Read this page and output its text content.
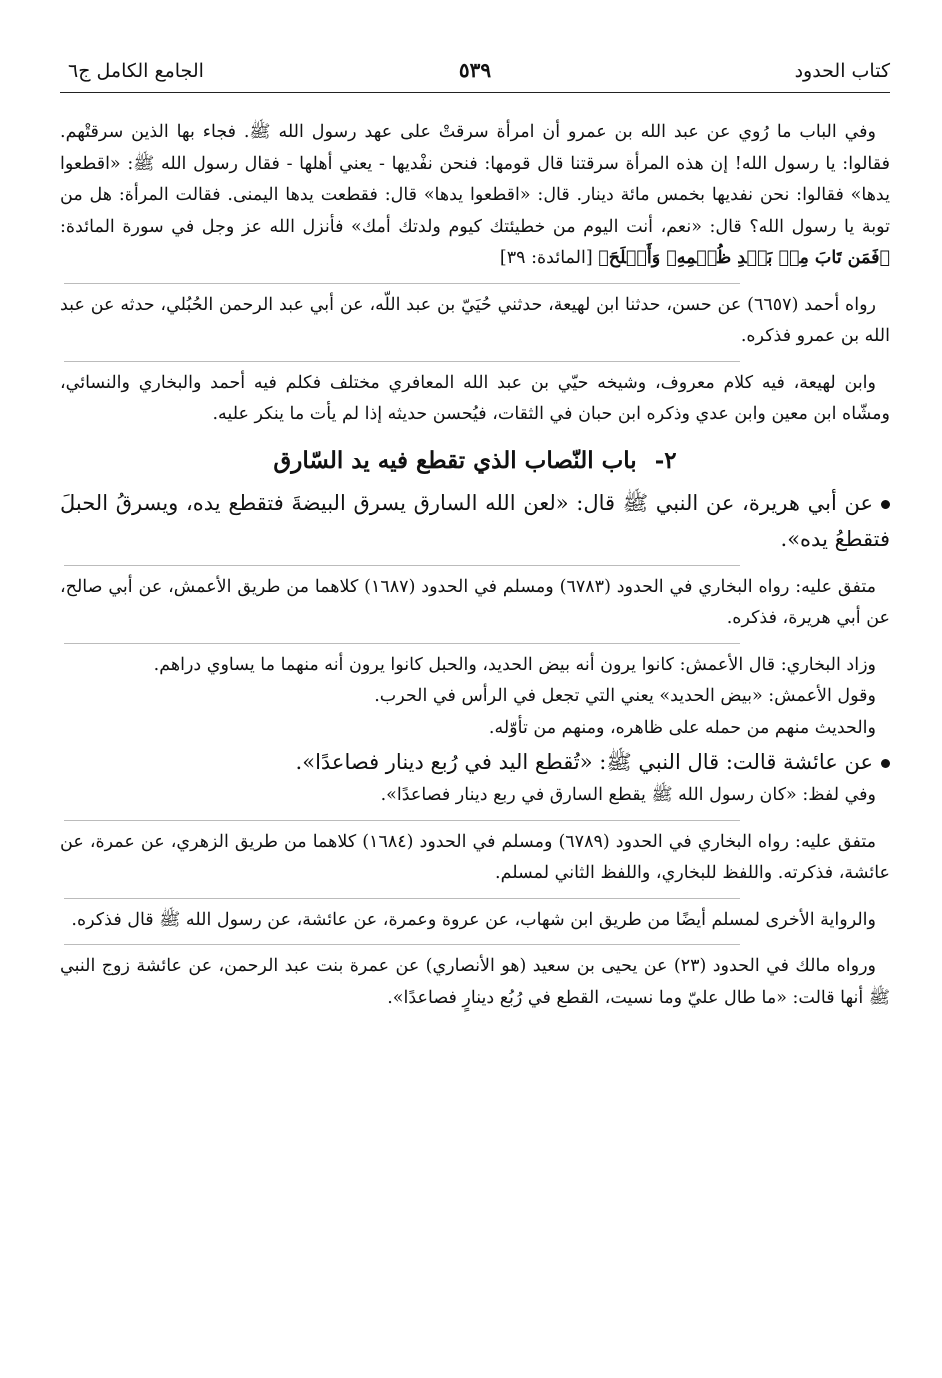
كتاب الحدود
٥٣٩
الجامع الكامل ج٦

وفي الباب ما رُوي عن عبد الله بن عمرو أن امرأة سرقتْ على عهد رسول الله ﷺ. فجاء بها الذين سرقتْهم. فقالوا: يا رسول الله! إن هذه المرأة سرقتنا قال قومها: فنحن نفْديها - يعني أهلها - فقال رسول الله ﷺ: «اقطعوا يدها» فقالوا: نحن نفديها بخمس مائة دينار. قال: «اقطعوا يدها» قال: فقطعت يدها اليمنى. فقالت المرأة: هل من توبة يا رسول الله؟ قال: «نعم، أنت اليوم من خطيئتك كيوم ولدتك أمك» فأنزل الله عز وجل في سورة المائدة: ﴿فَمَن تَابَ مِنۢ بَعۡدِ ظُلۡمِهِۦ وَأَصۡلَحَ﴾ [المائدة: ٣٩]

رواه أحمد (٦٦٥٧) عن حسن، حدثنا ابن لهيعة، حدثني حُيَيّ بن عبد اللّه، عن أبي عبد الرحمن الحُبُلي، حدثه عن عبد الله بن عمرو فذكره.

وابن لهيعة، فيه كلام معروف، وشيخه حيّي بن عبد الله المعافري مختلف فكلم فيه أحمد والبخاري والنسائي، ومشّاه ابن معين وابن عدي وذكره ابن حبان في الثقات، فيُحسن حديثه إذا لم يأت ما ينكر عليه.

٢- باب النّصاب الذي تقطع فيه يد السّارق

عن أبي هريرة، عن النبي ﷺ قال: «لعن الله السارق يسرق البيضةَ فتقطع يده، ويسرقُ الحبلَ فتقطعُ يده».

متفق عليه: رواه البخاري في الحدود (٦٧٨٣) ومسلم في الحدود (١٦٨٧) كلاهما من طريق الأعمش، عن أبي صالح، عن أبي هريرة، فذكره.

وزاد البخاري: قال الأعمش: كانوا يرون أنه بيض الحديد، والحبل كانوا يرون أنه منهما ما يساوي دراهم.

وقول الأعمش: «بيض الحديد» يعني التي تجعل في الرأس في الحرب.

والحديث منهم من حمله على ظاهره، ومنهم من تأوّله.

عن عائشة قالت: قال النبي ﷺ: «تُقطع اليد في رُبع دينار فصاعدًا».

وفي لفظ: «كان رسول الله ﷺ يقطع السارق في ربع دينار فصاعدًا».

متفق عليه: رواه البخاري في الحدود (٦٧٨٩) ومسلم في الحدود (١٦٨٤) كلاهما من طريق الزهري، عن عمرة، عن عائشة، فذكرته. واللفظ للبخاري، واللفظ الثاني لمسلم.

والرواية الأخرى لمسلم أيضًا من طريق ابن شهاب، عن عروة وعمرة، عن عائشة، عن رسول الله ﷺ قال فذكره.

ورواه مالك في الحدود (٢٣) عن يحيى بن سعيد (هو الأنصاري) عن عمرة بنت عبد الرحمن، عن عائشة زوج النبي ﷺ أنها قالت: «ما طال عليّ وما نسيت، القطع في رُبُع دينارٍ فصاعدًا».
